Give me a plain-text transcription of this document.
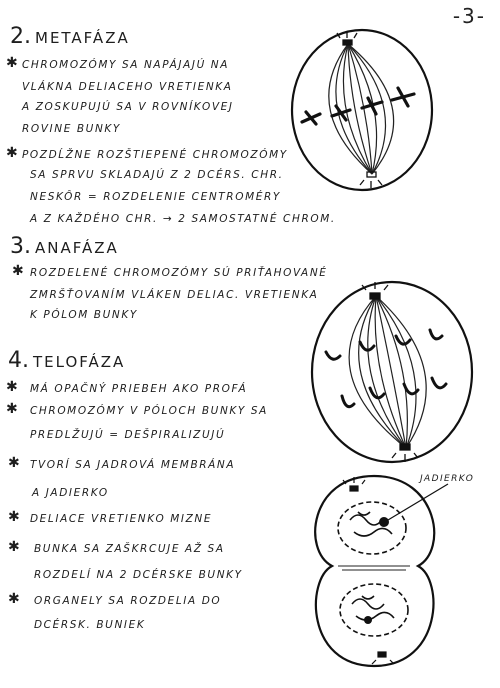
-3-
2. METAFÁZA
✱ CHROMOZÓMY SA NAPÁJAJÚ NA
VLÁKNA DELIACEHO VRETIENKA
A ZOSKUPUJÚ SA V ROVNÍKOVEJ
ROVINE BUNKY
✱ POZDĹŽNE ROZŠTIEPENÉ CHROMOZÓMY
SA SPRVU SKLADAJÚ Z 2 DCÉRS. CHR.
NESKÔR = ROZDELENIE CENTROMÉRY
A Z KAŽDÉHO CHR. → 2 SAMOSTATNÉ CHROM.
3. ANAFÁZA
✱ ROZDELENÉ CHROMOZÓMY SÚ PRIŤAHOVANÉ
ZMRŠŤOVANÍM VLÁKEN DELIAC. VRETIENKA
K PÓLOM BUNKY
4. TELOFÁZA
✱ MÁ OPAČNÝ PRIEBEH AKO PROFÁ
✱ CHROMOZÓMY V PÓLOCH BUNKY SA
PREDLŽUJÚ = DEŠPIRALIZUJÚ
✱ TVORÍ SA JADROVÁ MEMBRÁNA
A JADIERKO
✱ DELIACE VRETIENKO MIZNE
✱ BUNKA SA ZAŠKRCUJE AŽ SA
ROZDELÍ NA 2 DCÉRSKE BUNKY
✱ ORGANELY SA ROZDELIA DO
DCÉRSK. BUNIEK
JADIERKO
